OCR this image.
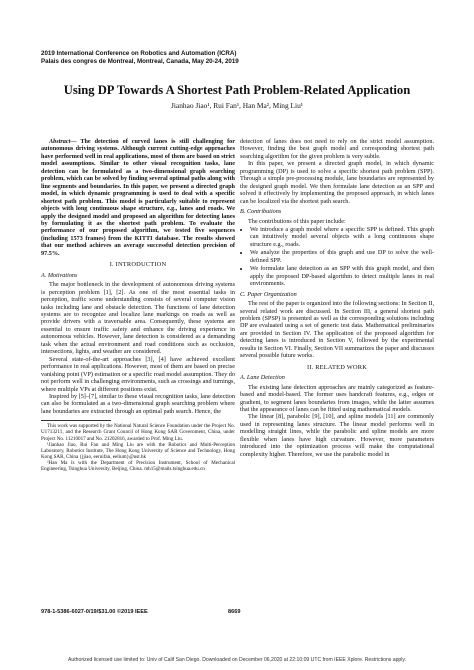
2019 International Conference on Robotics and Automation (ICRA)
Palais des congres de Montreal, Montreal, Canada, May 20-24, 2019
Using DP Towards A Shortest Path Problem-Related Application
Jianhao Jiao¹, Rui Fan¹, Han Ma², Ming Liu¹

Abstract— The detection of curved lanes is still challenging for autonomous driving systems. Although current cutting-edge approaches have performed well in real applications, most of them are based on strict model assumptions. Similar to other visual recognition tasks, lane detection can be formulated as a two-dimensional graph searching problem, which can be solved by finding several optimal paths along with line segments and boundaries. In this paper, we present a directed graph model, in which dynamic programming is used to deal with a specific shortest path problem. This model is particularly suitable to represent objects with long continuous shape structure, e.g., lanes and roads. We apply the designed model and proposed an algorithm for detecting lanes by formulating it as the shortest path problem. To evaluate the performance of our proposed algorithm, we tested five sequences (including 1573 frames) from the KITTI database. The results showed that our method achieves an average successful detection precision of 97.5%.

I. INTRODUCTION
A. Motivations

The major bottleneck in the development of autonomous driving systems is perception problem [1], [2]. As one of the most essential tasks in perception, traffic scene understanding consists of several computer vision tasks including lane and obstacle detection. The functions of lane detection systems are to recognize and localize lane markings on roads as well as provide drivers with a traversable area. Consequently, these systems are essential to ensure traffic safety and enhance the driving experience in autonomous vehicles. However, lane detection is considered as a demanding task when the actual environment and road conditions such as occlusion, intersections, lights, and weather are considered.

Several state-of-the-art approaches [3], [4] have achieved excellent performance in real applications. However, most of them are based on precise vanishing point (VP) estimation or a specific road model assumption. They do not perform well in challenging environments, such as crossings and turnings, where multiple VPs at different positions exist.

Inspired by [5]–[7], similar to these visual recognition tasks, lane detection can also be formulated as a two-dimensional graph searching problem where lane boundaries are extracted through an optimal path search. Hence, the

This work was supported by the National Natural Science Foundation under the Project No. U1713211, and the Research Grant Council of Hong Kong SAR Government, China, under Project No. 11210017 and No. 21202816, awarded to Prof. Ming Liu.

¹Jianhao Jiao, Rui Fan and Ming Liu are with the Robotics and Multi-Perception Laboratory, Robotics Institute, The Hong Kong University of Science and Technology, Hong Kong SAR, China {jjiao, eeruifan, eelium}@ust.hk

²Han Ma is with the Department of Precision Instrument, School of Mechanical Engineering, Tsinghua University, Beijing, China. mh15@mails.tsinghua.edu.cn

detection of lanes does not need to rely on the strict model assumption. However, finding the best graph model and corresponding shortest path searching algorithm for the given problem is very subtle.

In this paper, we present a directed graph model, in which dynamic programming (DP) is used to solve a specific shortest path problem (SPP). Through a simple pre-processing module, lane boundaries are represented by the designed graph model. We then formulate lane detection as an SPP and solved it effectively by implementing the proposed approach, in which lanes can be localized via the shortest path search.

B. Contributions

The contributions of this paper include:

• We introduce a graph model where a specific SPP is defined. This graph can intuitively model several objects with a long continuous shape structure e.g., roads.
• We analyze the properties of this graph and use DP to solve the well-defined SPP.
• We formulate lane detection as an SPP with this graph model, and then apply the proposed DP-based algorithm to detect multiple lanes in real environments.
C. Paper Organization

The rest of the paper is organized into the following sections: In Section II, several related work are discussed. In Section III, a general shortest path problem (SPSP) is presented as well as the corresponding solutions including DP are evaluated using a set of generic test data. Mathematical preliminaries are provided in Section IV. The application of the proposed algorithm for detecting lanes is introduced in Section V, followed by the experimental results in Section VI. Finally, Section VII summarizes the paper and discusses several possible future works.

II. RELATED WORK
A. Lane Detection

The existing lane detection approaches are mainly categorized as feature-based and model-based. The former uses handcraft features, e.g., edges or gradient, to segment lanes boundaries from images, while the latter assumes that the appearance of lanes can be fitted using mathematical models.

The linear [8], parabolic [9], [10], and spline models [11] are commonly used in representing lanes structure. The linear model performs well in modelling straight lines, while the parabolic and spline models are more flexible when lanes have high curvature. However, more parameters introduced into the optimization process will make the computational complexity higher. Therefore, we use the parabolic model in

978-1-5386-6027-0/19/$31.00 ©2019 IEEE	8669
Authorized licensed use limited to: Univ of Calif San Diego. Downloaded on December 06,2020 at 22:10:09 UTC from IEEE Xplore. Restrictions apply.
